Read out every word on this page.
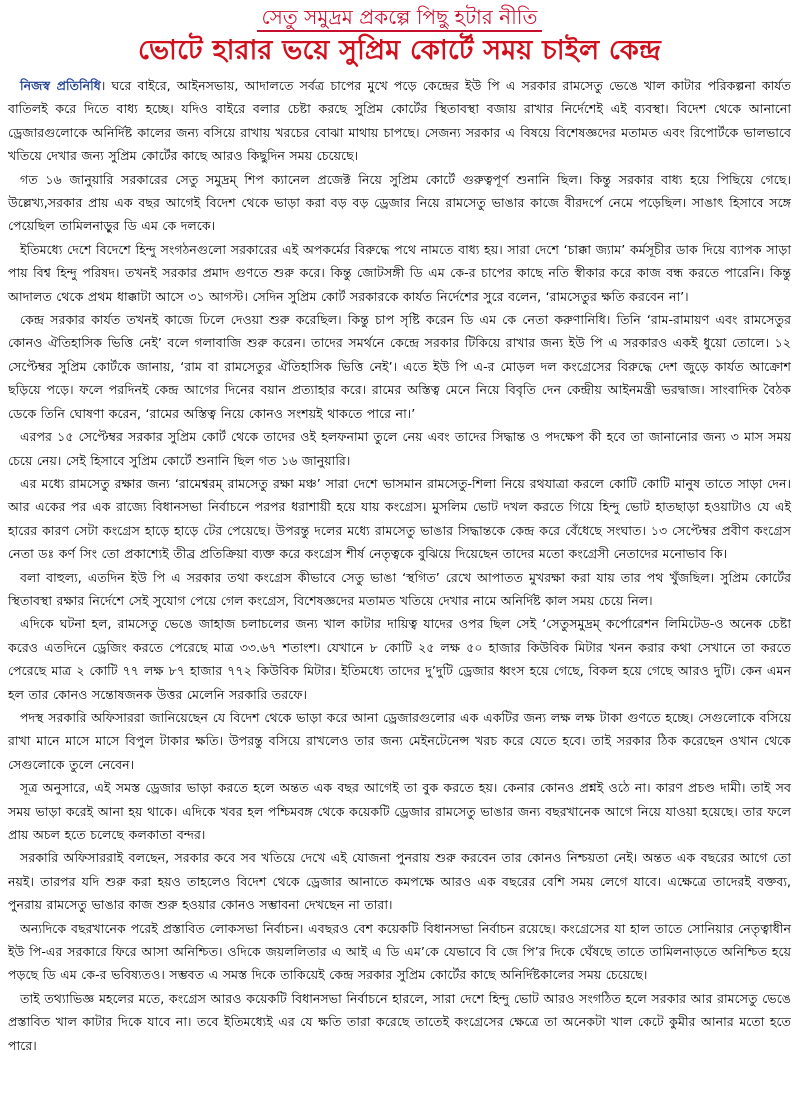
সেতু সমুদ্রম প্রকল্পে পিছু হটার নীতি
ভোটে হারার ভয়ে সুপ্রিম কোর্টে সময় চাইল কেন্দ্র

নিজস্ব প্রতিনিধি। ঘরে বাইরে, আইনসভায়, আদালতে সর্বত্র চাপের মুখে পড়ে কেন্দ্রের ইউ পি এ সরকার রামসেতু ভেঙে খাল কাটার পরিকল্পনা কার্যত বাতিলই করে দিতে বাধ্য হচ্ছে। যদিও বাইরে বলার চেষ্টা করছে সুপ্রিম কোর্টের স্থিতাবস্থা বজায় রাখার নির্দেশেই এই ব্যবস্থা। বিদেশ থেকে আনানো ড্রেজারগুলোকে অনির্দিষ্ট কালের জন্য বসিয়ে রাখায় খরচের বোঝা মাথায় চাপছে। সেজন্য সরকার এ বিষয়ে বিশেষজ্ঞদের মতামত এবং রিপোর্টকে ভালভাবে খতিয়ে দেখার জন্য সুপ্রিম কোর্টের কাছে আরও কিছুদিন সময় চেয়েছে।

গত ১৬ জানুয়ারি সরকারের সেতু সমুদ্রম্‌ শিপ ক্যানেল প্রজেক্ট নিয়ে সুপ্রিম কোর্টে গুরুত্বপূর্ণ শুনানি ছিল। কিন্তু সরকার বাধ্য হয়ে পিছিয়ে গেছে। উল্লেখ্য,সরকার প্রায় এক বছর আগেই বিদেশ থেকে ভাড়া করা বড় বড় ড্রেজার নিয়ে রামসেতু ভাঙার কাজে বীরদর্পে নেমে পড়েছিল। সাঙাৎ হিসাবে সঙ্গে পেয়েছিল তামিলনাড়ুর ডি এম কে দলকে।

ইতিমধ্যে দেশে বিদেশে হিন্দু সংগঠনগুলো সরকারের এই অপকর্মের বিরুদ্ধে পথে নামতে বাধ্য হয়। সারা দেশে ‘চাক্কা জ্যাম’ কর্মসূচীর ডাক দিয়ে ব্যাপক সাড়া পায় বিশ্ব হিন্দু পরিষদ। তখনই সরকার প্রমাদ গুণতে শুরু করে। কিন্তু জোটসঙ্গী ডি এম কে-র চাপের কাছে নতি স্বীকার করে কাজ বন্ধ করতে পারেনি। কিন্তু আদালত থেকে প্রথম ধাক্কাটা আসে ৩১ আগস্ট। সেদিন সুপ্রিম কোর্ট সরকারকে কার্যত নির্দেশের সুরে বলেন, ‘রামসেতুর ক্ষতি করবেন না’।

কেন্দ্র সরকার কার্যত তখনই কাজে ঢিলে দেওয়া শুরু করেছিল। কিন্তু চাপ সৃষ্টি করেন ডি এম কে নেতা করুণানিধি। তিনি ‘রাম-রামায়ণ এবং রামসেতুর কোনও ঐতিহাসিক ভিত্তি নেই’ বলে গলাবাজি শুরু করেন। তাদের সমর্থনে কেন্দ্রে সরকার টিকিয়ে রাখার জন্য ইউ পি এ সরকারও একই ধুয়ো তোলে। ১২ সেপ্টেম্বর সুপ্রিম কোর্টকে জানায়, ‘রাম বা রামসেতুর ঐতিহাসিক ভিত্তি নেই’। এতে ইউ পি এ-র মোড়ল দল কংগ্রেসের বিরুদ্ধে দেশ জুড়ে কার্যত আক্রোশ ছড়িয়ে পড়ে। ফলে পরদিনই কেন্দ্র আগের দিনের বয়ান প্রত্যাহার করে। রামের অস্তিত্ব মেনে নিয়ে বিবৃতি দেন কেন্দ্রীয় আইনমন্ত্রী ভরদ্বাজ। সাংবাদিক বৈঠক ডেকে তিনি ঘোষণা করেন, ‘রামের অস্তিত্ব নিয়ে কোনও সংশয়ই থাকতে পারে না।’

এরপর ১৫ সেপ্টেম্বর সরকার সুপ্রিম কোর্ট থেকে তাদের ওই হলফনামা তুলে নেয় এবং তাদের সিদ্ধান্ত ও পদক্ষেপ কী হবে তা জানানোর জন্য ৩ মাস সময় চেয়ে নেয়। সেই হিসাবে সুপ্রিম কোর্টে শুনানি ছিল গত ১৬ জানুয়ারি।

এর মধ্যে রামসেতু রক্ষার জন্য ‘রামেশ্বরম্‌ রামসেতু রক্ষা মঞ্চ’ সারা দেশে ভাসমান রামসেতু-শিলা নিয়ে রথযাত্রা করলে কোটি কোটি মানুষ তাতে সাড়া দেন। আর একের পর এক রাজ্যে বিধানসভা নির্বাচনে পরপর ধরাশায়ী হয়ে যায় কংগ্রেস। মুসলিম ভোট দখল করতে গিয়ে হিন্দু ভোট হাতছাড়া হওয়াটাও যে এই হারের কারণ সেটা কংগ্রেস হাড়ে হাড়ে টের পেয়েছে। উপরন্তু দলের মধ্যে রামসেতু ভাঙার সিদ্ধান্তকে কেন্দ্র করে বেঁধেছে সংঘাত। ১৩ সেপ্টেম্বর প্রবীণ কংগ্রেস নেতা ডঃ কর্ণ সিং তো প্রকাশ্যেই তীব্র প্রতিক্রিয়া ব্যক্ত করে কংগ্রেস শীর্ষ নেতৃত্বকে বুঝিয়ে দিয়েছেন তাদের মতো কংগ্রেসী নেতাদের মনোভাব কি।

বলা বাহুল্য, এতদিন ইউ পি এ সরকার তথা কংগ্রেস কীভাবে সেতু ভাঙা ‘স্থগিত’ রেখে আপাতত মুখরক্ষা করা যায় তার পথ খুঁজছিল। সুপ্রিম কোর্টের স্থিতাবস্থা রক্ষার নির্দেশে সেই সুযোগ পেয়ে গেল কংগ্রেস, বিশেষজ্ঞদের মতামত খতিয়ে দেখার নামে অনির্দিষ্ট কাল সময় চেয়ে নিল।

এদিকে ঘটনা হল, রামসেতু ভেঙে জাহাজ চলাচলের জন্য খাল কাটার দায়িত্ব যাদের ওপর ছিল সেই ‘সেতুসমুদ্রম্‌ কর্পোরেশন লিমিটেড-ও অনেক চেষ্টা করেও এতদিনে ড্রেজিং করতে পেরেছে মাত্র ৩৩.৬৭ শতাংশ। যেখানে ৮ কোটি ২৫ লক্ষ ৫০ হাজার কিউবিক মিটার খনন করার কথা সেখানে তা করতে পেরেছে মাত্র ২ কোটি ৭৭ লক্ষ ৮৭ হাজার ৭৭২ কিউবিক মিটার। ইতিমধ্যে তাদের দু’দুটি ড্রেজার ধ্বংস হয়ে গেছে, বিকল হয়ে গেছে আরও দুটি। কেন এমন হল তার কোনও সন্তোষজনক উত্তর মেলেনি সরকারি তরফে।

পদস্থ সরকারি অফিসাররা জানিয়েছেন যে বিদেশ থেকে ভাড়া করে আনা ড্রেজারগুলোর এক একটির জন্য লক্ষ লক্ষ টাকা গুণতে হচ্ছে। সেগুলোকে বসিয়ে রাখা মানে মাসে মাসে বিপুল টাকার ক্ষতি। উপরন্তু বসিয়ে রাখলেও তার জন্য মেইনটেনেন্স খরচ করে যেতে হবে। তাই সরকার ঠিক করেছেন ওখান থেকে সেগুলোকে তুলে নেবেন।

সূত্র অনুসারে, এই সমস্ত ড্রেজার ভাড়া করতে হলে অন্তত এক বছর আগেই তা বুক করতে হয়। কেনার কোনও প্রশ্নই ওঠে না। কারণ প্রচণ্ড দামী। তাই সব সময় ভাড়া করেই আনা হয় থাকে। এদিকে খবর হল পশ্চিমবঙ্গ থেকে কয়েকটি ড্রেজার রামসেতু ভাঙার জন্য বছরখানেক আগে নিয়ে যাওয়া হয়েছে। তার ফলে প্রায় অচল হতে চলেছে কলকাতা বন্দর।

সরকারি অফিসাররাই বলছেন, সরকার কবে সব খতিয়ে দেখে এই যোজনা পুনরায় শুরু করবেন তার কোনও নিশ্চয়তা নেই। অন্তত এক বছরের আগে তো নয়ই। তারপর যদি শুরু করা হয়ও তাহলেও বিদেশ থেকে ড্রেজার আনাতে কমপক্ষে আরও এক বছরের বেশি সময় লেগে যাবে। এক্ষেত্রে তাদেরই বক্তব্য, পুনরায় রামসেতু ভাঙার কাজ শুরু হওয়ার কোনও সম্ভাবনা দেখছেন না তারা।

অন্যদিকে বছরখানেক পরেই প্রস্তাবিত লোকসভা নির্বাচন। এবছরও বেশ কয়েকটি বিধানসভা নির্বাচন রয়েছে। কংগ্রেসের যা হাল তাতে সোনিয়ার নেতৃত্বাধীন ইউ পি-এর সরকারে ফিরে আসা অনিশ্চিত। ওদিকে জয়ললিতার এ আই এ ডি এম’কে যেভাবে বি জে পি’র দিকে ঘেঁষছে তাতে তামিলনাড়তে অনিশ্চিত হয়ে পড়ছে ডি এম কে-র ভবিষ্যতও। সম্ভবত এ সমস্ত দিকে তাকিয়েই কেন্দ্র সরকার সুপ্রিম কোর্টের কাছে অনির্দিষ্টকালের সময় চেয়েছে।

তাই তথ্যাভিজ্ঞ মহলের মতে, কংগ্রেস আরও কয়েকটি বিধানসভা নির্বাচনে হারলে, সারা দেশে হিন্দু ভোট আরও সংগঠিত হলে সরকার আর রামসেতু ভেঙে প্রস্তাবিত খাল কাটার দিকে যাবে না। তবে ইতিমধ্যেই এর যে ক্ষতি তারা করেছে তাতেই কংগ্রেসের ক্ষেত্রে তা অনেকটা খাল কেটে কুমীর আনার মতো হতে পারে।
